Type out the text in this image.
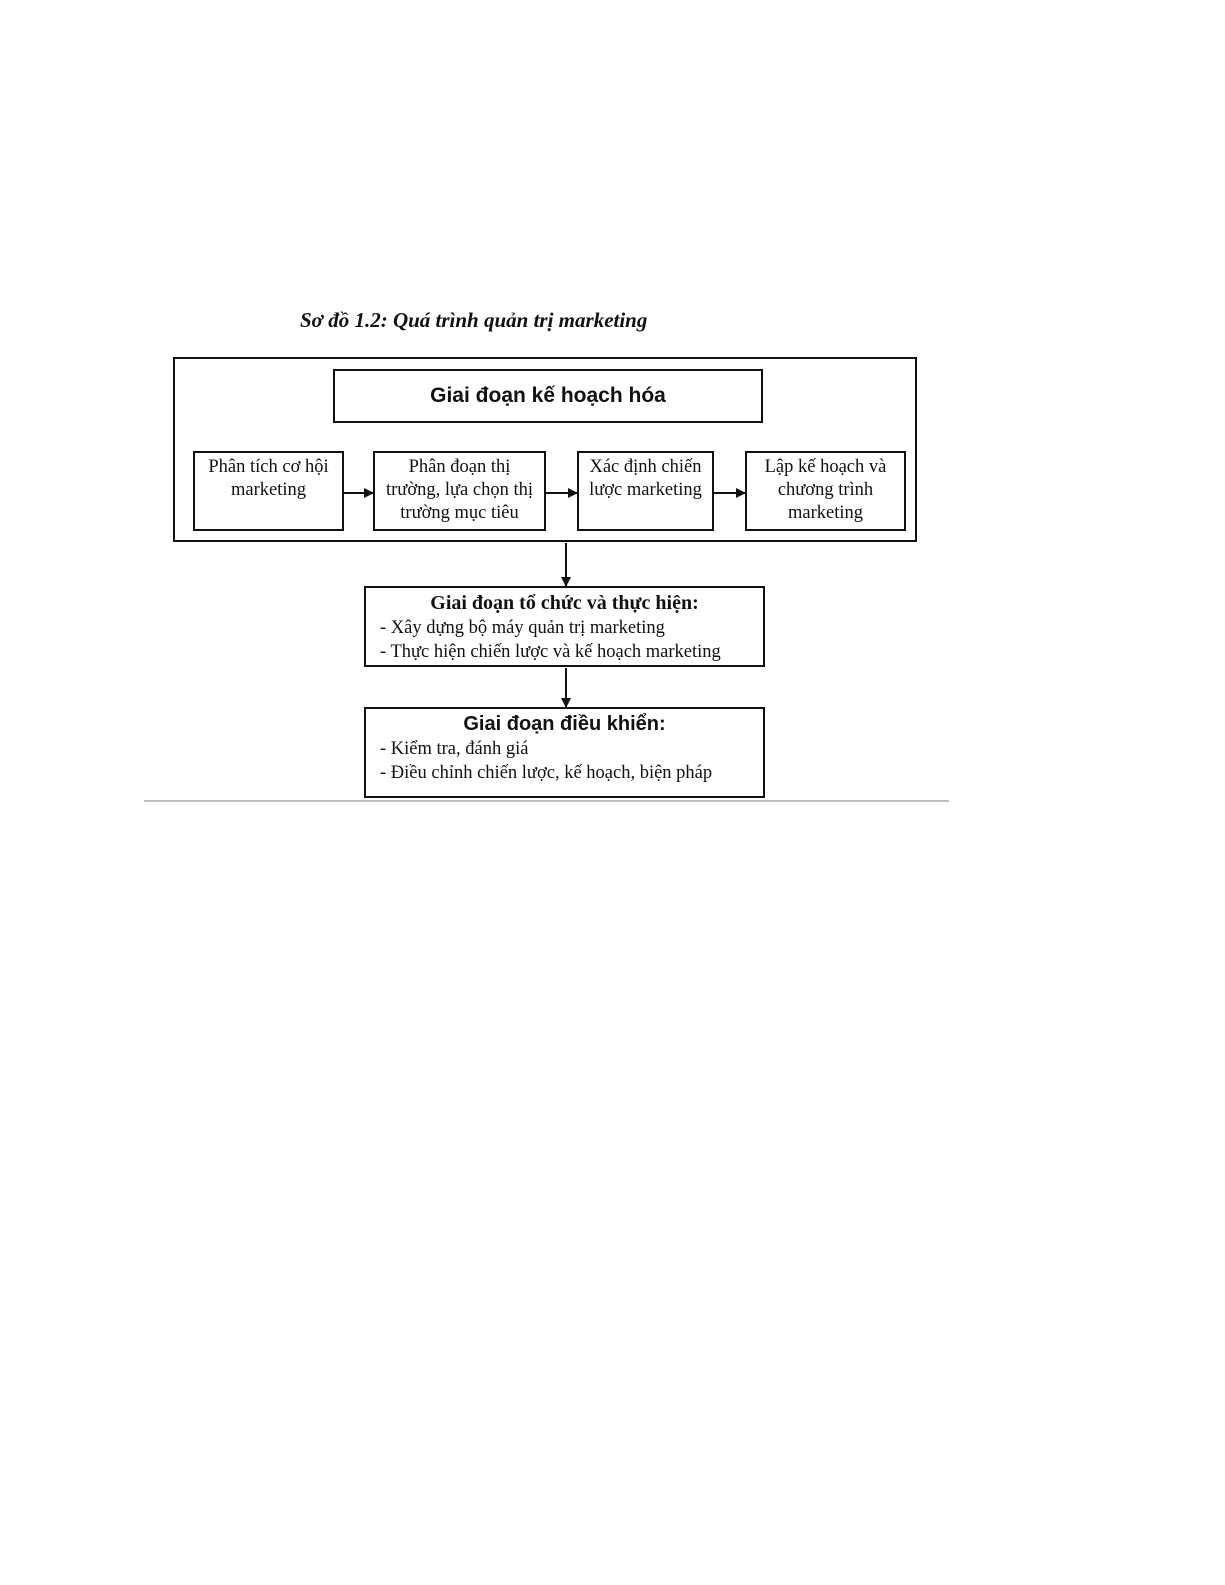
Sơ đồ 1.2: Quá trình quản trị marketing
Giai đoạn kế hoạch hóa
Phân tích cơ hội
marketing
Phân đoạn thị
trường, lựa chọn thị
trường mục tiêu
Xác định chiến
lược marketing
Lập kế hoạch và
chương trình
marketing
Giai đoạn tổ chức và thực hiện:
- Xây dựng bộ máy quản trị marketing
- Thực hiện chiến lược và kế hoạch marketing
Giai đoạn điều khiển:
- Kiểm tra, đánh giá
- Điều chỉnh chiến lược, kế hoạch, biện pháp
